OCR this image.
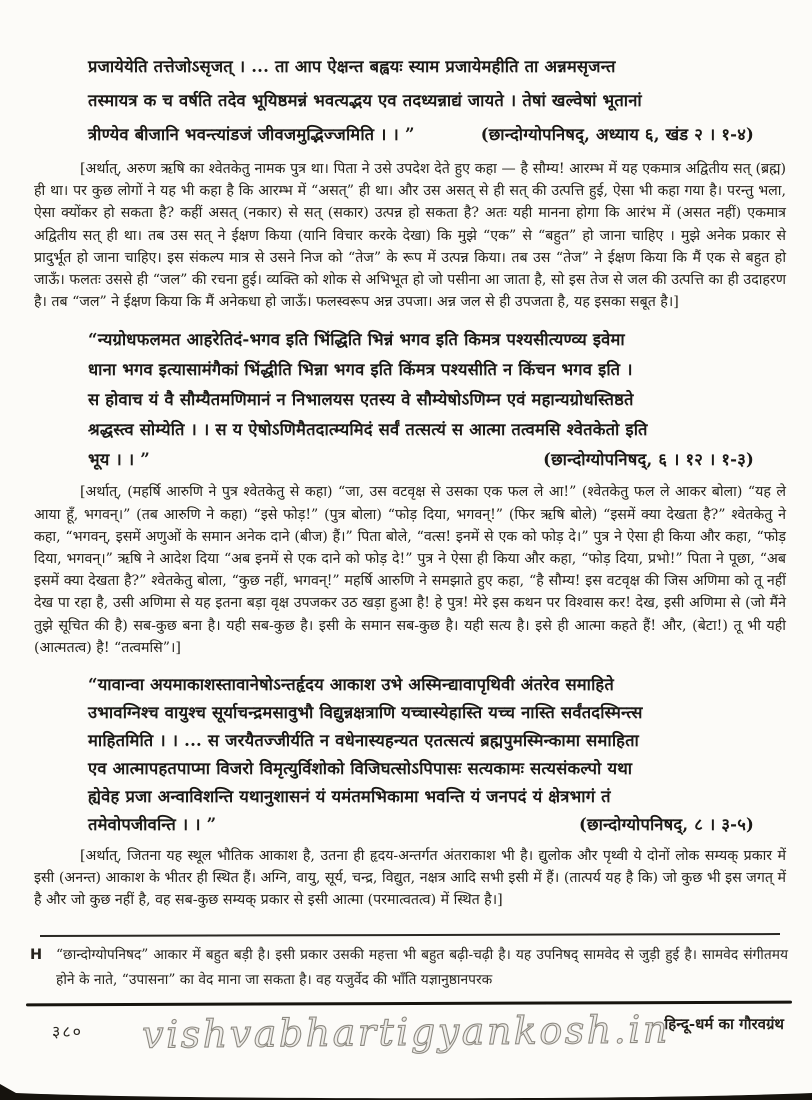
प्रजायेयेति तत्तेजोऽसृजत् । ... ता आप ऐक्षन्त बह्वयः स्याम प्रजायेमहीति ता अन्नमसृजन्त
तस्मायत्र क च वर्षति तदेव भूयिष्ठमन्नं भवत्यद्भय एव तदध्यन्नाद्यं जायते । तेषां खल्वेषां भूतानां
त्रीण्येव बीजानि भवन्त्यांडजं जीवजमुद्भिज्जमिति । । ”	(छान्दोग्योपनिषद्, अध्याय ६, खंड २ । १-४)

[अर्थात्, अरुण ऋषि का श्वेतकेतु नामक पुत्र था। पिता ने उसे उपदेश देते हुए कहा — है सौम्य! आरम्भ में यह एकमात्र अद्वितीय सत् (ब्रह्म) ही था। पर कुछ लोगों ने यह भी कहा है कि आरम्भ में “असत्” ही था। और उस असत् से ही सत् की उत्पत्ति हुई, ऐसा भी कहा गया है। परन्तु भला, ऐसा क्योंकर हो सकता है? कहीं असत् (नकार) से सत् (सकार) उत्पन्न हो सकता है? अतः यही मानना होगा कि आरंभ में (असत नहीं) एकमात्र अद्वितीय सत् ही था। तब उस सत् ने ईक्षण किया (यानि विचार करके देखा) कि मुझे “एक” से “बहुत” हो जाना चाहिए । मुझे अनेक प्रकार से प्रादुर्भूत हो जाना चाहिए। इस संकल्प मात्र से उसने निज को “तेज” के रूप में उत्पन्न किया। तब उस “तेज” ने ईक्षण किया कि मैं एक से बहुत हो जाऊँ। फलतः उससे ही “जल” की रचना हुई। व्यक्ति को शोक से अभिभूत हो जो पसीना आ जाता है, सो इस तेज से जल की उत्पत्ति का ही उदाहरण है। तब “जल” ने ईक्षण किया कि मैं अनेकधा हो जाऊँ। फलस्वरूप अन्न उपजा। अन्न जल से ही उपजता है, यह इसका सबूत है।]

“न्यग्रोधफलमत आहरेतिदं-भगव इति भिंद्धिति भिन्नं भगव इति किमत्र पश्यसीत्यण्व्य इवेमा
धाना भगव इत्यासामंगैकां भिंद्धीति भिन्ना भगव इति किंमत्र पश्यसीति न किंचन भगव इति ।
स होवाच यं वै सौम्यैतमणिमानं न निभालयस एतस्य वे सौम्येषोऽणिम्न एवं महान्यग्रोधस्तिष्ठते
श्रद्धस्त्व सोम्येति । । स य ऐषोऽणिमैतदात्म्यमिदं सर्वं तत्सत्यं स आत्मा तत्वमसि श्वेतकेतो इति
भूय । । ”	(छान्दोग्योपनिषद्, ६ । १२ । १-३)

[अर्थात्, (महर्षि आरुणि ने पुत्र श्वेतकेतु से कहा) “जा, उस वटवृक्ष से उसका एक फल ले आ!” (श्वेतकेतु फल ले आकर बोला) “यह ले आया हूँ, भगवन्।” (तब आरुणि ने कहा) “इसे फोड़!” (पुत्र बोला) “फोड़ दिया, भगवन्!” (फिर ऋषि बोले) “इसमें क्या देखता है?” श्वेतकेतु ने कहा, “भगवन्, इसमें अणुओं के समान अनेक दाने (बीज) हैं।” पिता बोले, “वत्स! इनमें से एक को फोड़ दे।” पुत्र ने ऐसा ही किया और कहा, “फोड़ दिया, भगवन्।” ऋषि ने आदेश दिया “अब इनमें से एक दाने को फोड़ दे!” पुत्र ने ऐसा ही किया और कहा, “फोड़ दिया, प्रभो!” पिता ने पूछा, “अब इसमें क्या देखता है?” श्वेतकेतु बोला, “कुछ नहीं, भगवन्!” महर्षि आरुणि ने समझाते हुए कहा, “है सौम्य! इस वटवृक्ष की जिस अणिमा को तू नहीं देख पा रहा है, उसी अणिमा से यह इतना बड़ा वृक्ष उपजकर उठ खड़ा हुआ है! हे पुत्र! मेरे इस कथन पर विश्वास कर! देख, इसी अणिमा से (जो मैंने तुझे सूचित की है) सब-कुछ बना है। यही सब-कुछ है। इसी के समान सब-कुछ है। यही सत्य है। इसे ही आत्मा कहते हैं! और, (बेटा!) तू भी यही (आत्मतत्व) है! “तत्वमसि”।]

“यावान्वा अयमाकाशस्तावानेषोऽन्तर्हृदय आकाश उभे अस्मिन्द्यावापृथिवी अंतरेव समाहिते
उभावग्निश्च वायुश्च सूर्याचन्द्रमसावुभौ विद्युन्नक्षत्राणि यच्चास्येहास्ति यच्च नास्ति सर्वंतदस्मिन्त्स
माहितमिति । । ... स जरयैतज्जीर्यति न वधेनास्यहन्यत एतत्सत्यं ब्रह्मपुमस्मिन्कामा समाहिता
एव आत्मापहतपाप्मा विजरो विमृत्युर्विशोको विजिघत्सोऽपिपासः सत्यकामः सत्यसंकल्पो यथा
ह्येवेह प्रजा अन्वाविशन्ति यथानुशासनं यं यमंतमभिकामा भवन्ति यं जनपदं यं क्षेत्रभागं तं
तमेवोपजीवन्ति । । ”	(छान्दोग्योपनिषद्, ८ । ३-५)

[अर्थात्, जितना यह स्थूल भौतिक आकाश है, उतना ही हृदय-अन्तर्गत अंतराकाश भी है। द्युलोक और पृथ्वी ये दोनों लोक सम्यक् प्रकार में इसी (अनन्त) आकाश के भीतर ही स्थित हैं। अग्नि, वायु, सूर्य, चन्द्र, विद्युत, नक्षत्र आदि सभी इसी में हैं। (तात्पर्य यह है कि) जो कुछ भी इस जगत् में है और जो कुछ नहीं है, वह सब-कुछ सम्यक् प्रकार से इसी आत्मा (परमात्वतत्व) में स्थित है।]

H	“छान्दोग्योपनिषद” आकार में बहुत बड़ी है। इसी प्रकार उसकी महत्ता भी बहुत बढ़ी-चढ़ी है। यह उपनिषद् सामवेद से जुड़ी हुई है। सामवेद संगीतमय होने के नाते, “उपासना” का वेद माना जा सकता है। वह यजुर्वेद की भाँति यज्ञानुष्ठानपरक
३८० vishvabhartigyankosh.in
हिन्दू-धर्म का गौरवग्रंथ
